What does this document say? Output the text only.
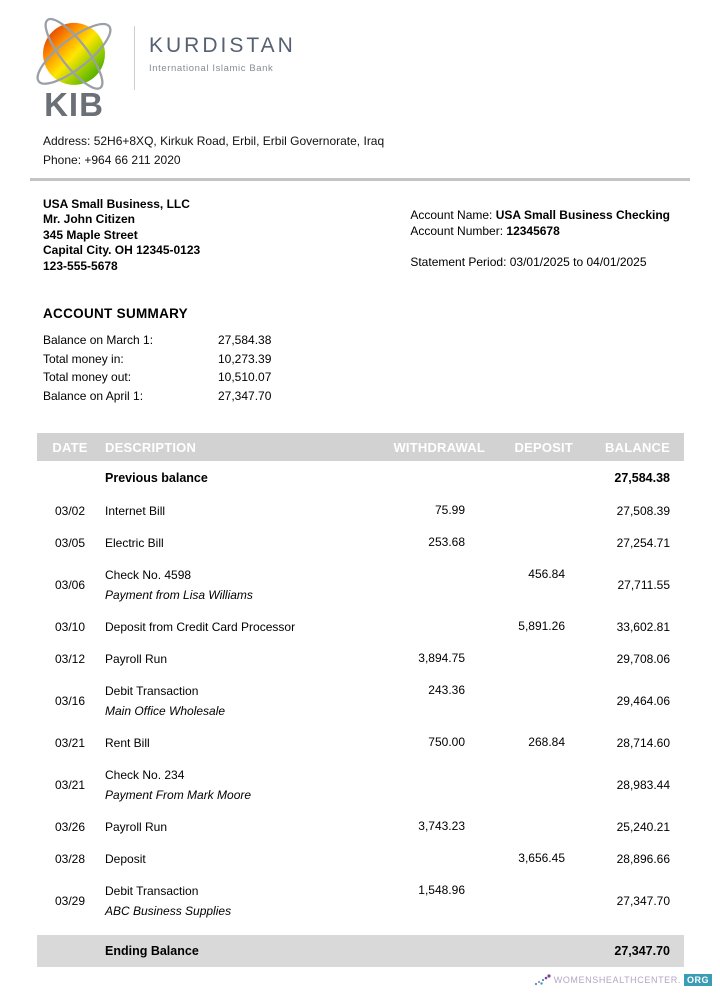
KIB
KURDISTAN
International Islamic Bank
Address: 52H6+8XQ, Kirkuk Road, Erbil, Erbil Governorate, Iraq
Phone: +964 66 211 2020
USA Small Business, LLC
Mr. John Citizen
345 Maple Street
Capital City. OH 12345-0123
123-555-5678
Account Name: USA Small Business Checking
Account Number: 12345678
Statement Period: 03/01/2025 to 04/01/2025
ACCOUNT SUMMARY
Balance on March 1:	27,584.38
Total money in:	10,273.39
Total money out:	10,510.07
Balance on April 1:	27,347.70
DATE	DESCRIPTION	WITHDRAWAL	DEPOSIT	BALANCE
	Previous balance			27,584.38
03/02	Internet Bill	75.99		27,508.39
03/05	Electric Bill	253.68		27,254.71
03/06	Check No. 4598
Payment from Lisa Williams		456.84	27,711.55
03/10	Deposit from Credit Card Processor		5,891.26	33,602.81
03/12	Payroll Run	3,894.75		29,708.06
03/16	Debit Transaction
Main Office Wholesale	243.36		29,464.06
03/21	Rent Bill	750.00	268.84	28,714.60
03/21	Check No. 234
Payment From Mark Moore			28,983.44
03/26	Payroll Run	3,743.23		25,240.21
03/28	Deposit		3,656.45	28,896.66
03/29	Debit Transaction
ABC Business Supplies	1,548.96		27,347.70

	Ending Balance			27,347.70
WOMENSHEALTHCENTER. ORG
